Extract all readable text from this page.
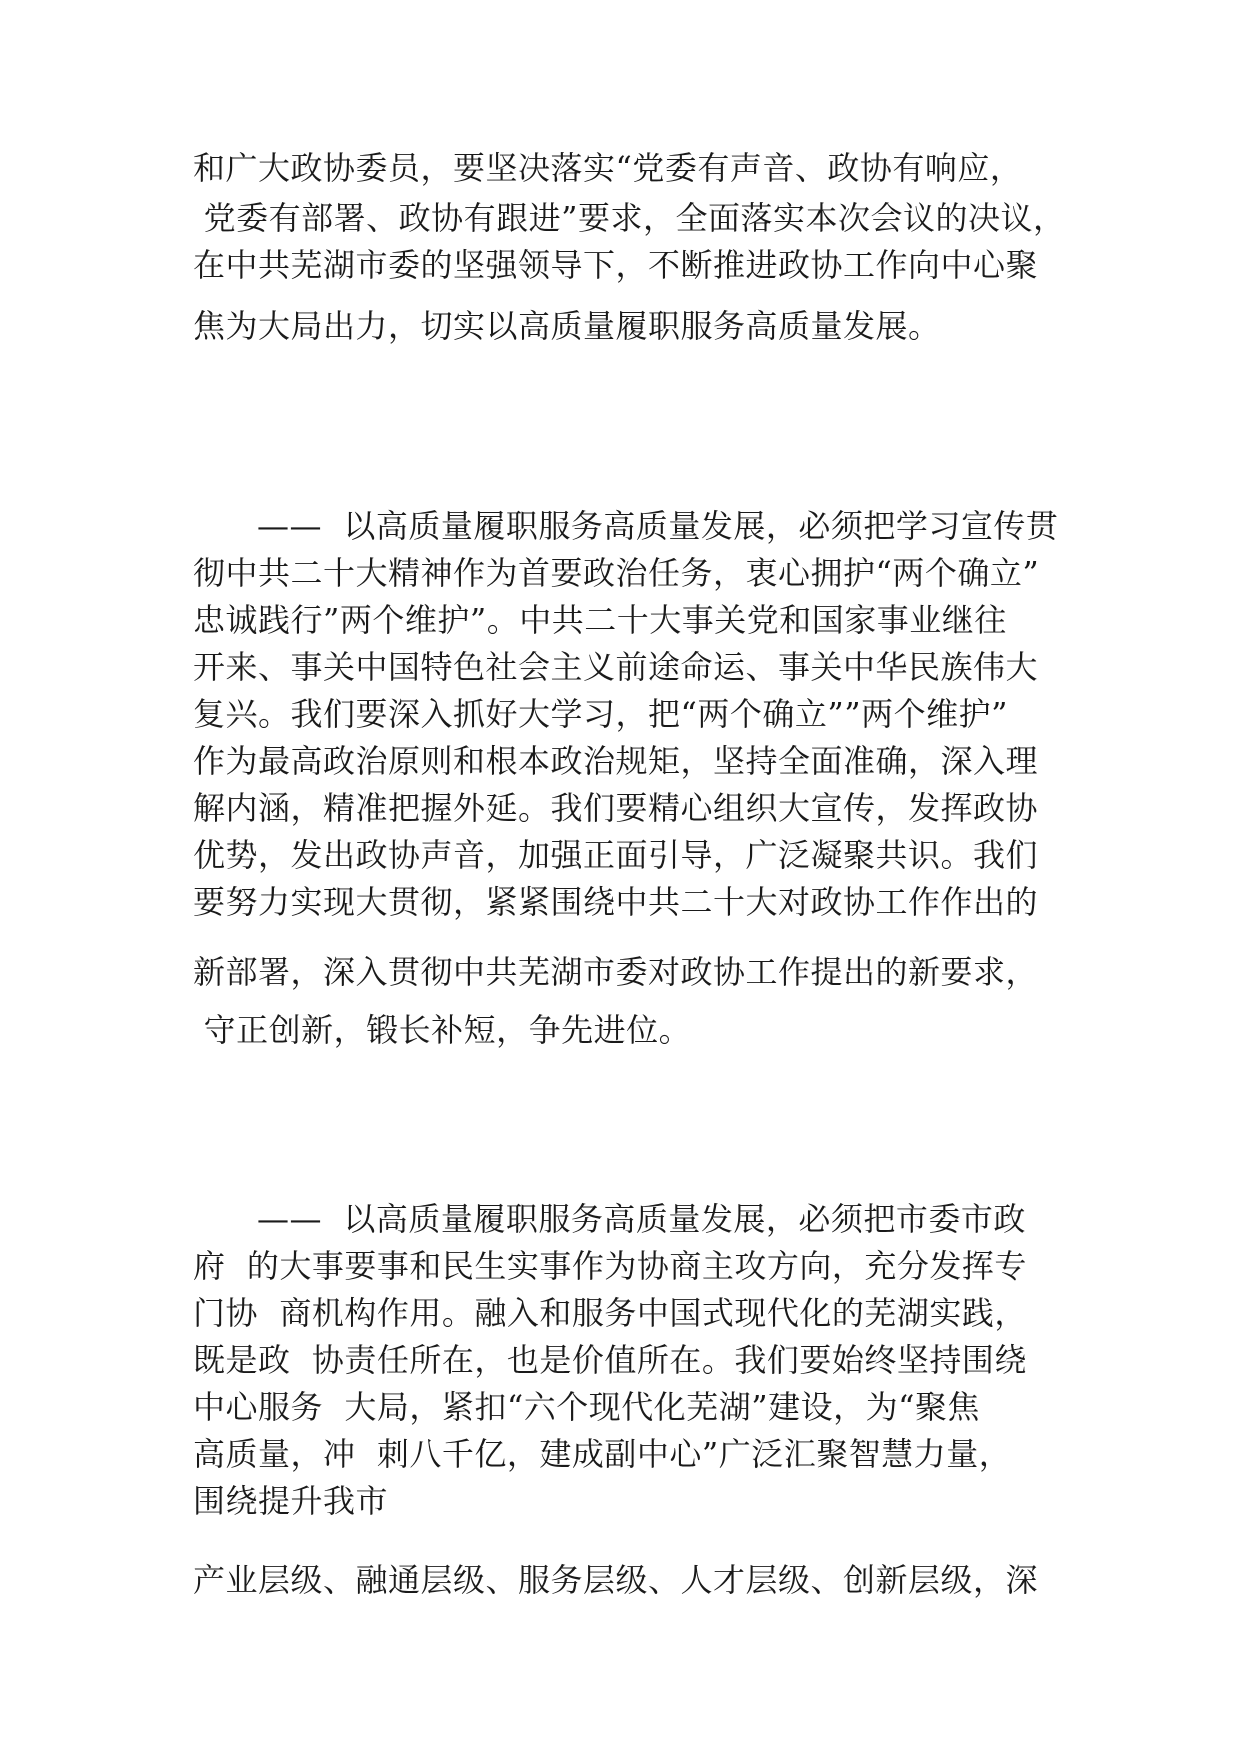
和广大政协委员，要坚决落实“党委有声音、政协有响应，
党委有部署、政协有跟进”要求，全面落实本次会议的决议，
在中共芜湖市委的坚强领导下，不断推进政协工作向中心聚
焦为大局出力，切实以高质量履职服务高质量发展。
——  以高质量履职服务高质量发展，必须把学习宣传贯
彻中共二十大精神作为首要政治任务，衷心拥护“两个确立”
忠诚践行”两个维护”。中共二十大事关党和国家事业继往
开来、事关中国特色社会主义前途命运、事关中华民族伟大
复兴。我们要深入抓好大学习，把“两个确立””两个维护”
作为最高政治原则和根本政治规矩，坚持全面准确，深入理
解内涵，精准把握外延。我们要精心组织大宣传，发挥政协
优势，发出政协声音，加强正面引导，广泛凝聚共识。我们
要努力实现大贯彻，紧紧围绕中共二十大对政协工作作出的
新部署，深入贯彻中共芜湖市委对政协工作提出的新要求，
守正创新，锻长补短，争先进位。
——  以高质量履职服务高质量发展，必须把市委市政
府  的大事要事和民生实事作为协商主攻方向，充分发挥专
门协  商机构作用。融入和服务中国式现代化的芜湖实践，
既是政  协责任所在，也是价值所在。我们要始终坚持围绕
中心服务  大局，紧扣“六个现代化芜湖”建设，为“聚焦
高质量，冲  刺八千亿，建成副中心”广泛汇聚智慧力量，
围绕提升我市
产业层级、融通层级、服务层级、人才层级、创新层级，深
